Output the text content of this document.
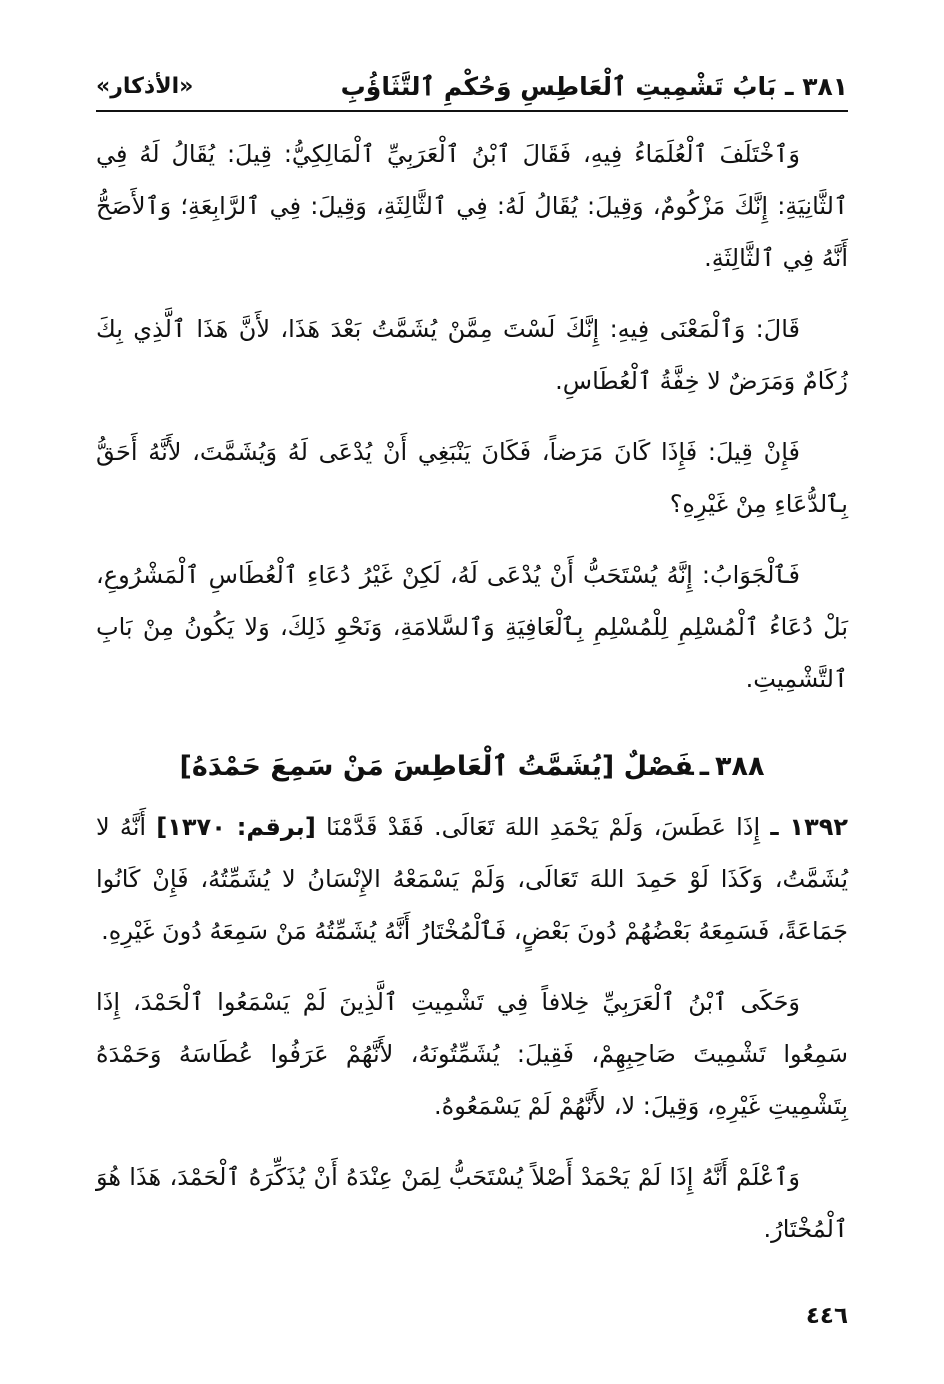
٣٨١ ـ بَابُ تَشْمِيتِ ٱلْعَاطِسِ وَحُكْمِ ٱلتَّثَاؤُبِ
«الأذكار»

وَٱخْتَلَفَ ٱلْعُلَمَاءُ فِيهِ، فَقَالَ ٱبْنُ ٱلْعَرَبِيِّ ٱلْمَالِكِيُّ: قِيلَ: يُقَالُ لَهُ فِي ٱلثَّانِيَةِ: إِنَّكَ مَزْكُومٌ، وَقِيلَ: يُقَالُ لَهُ: فِي ٱلثَّالِثَةِ، وَقِيلَ: فِي ٱلرَّابِعَةِ؛ وَٱلأَصَحُّ أَنَّهُ فِي ٱلثَّالِثَةِ.

قَالَ: وَٱلْمَعْنَى فِيهِ: إِنَّكَ لَسْتَ مِمَّنْ يُشَمَّتُ بَعْدَ هَذَا، لأَنَّ هَذَا ٱلَّذِي بِكَ زُكَامٌ وَمَرَضٌ لا خِفَّةُ ٱلْعُطَاسِ.

فَإِنْ قِيلَ: فَإِذَا كَانَ مَرَضاً، فَكَانَ يَنْبَغِي أَنْ يُدْعَى لَهُ وَيُشَمَّتَ، لأَنَّهُ أَحَقُّ بِٱلدُّعَاءِ مِنْ غَيْرِهِ؟

فَٱلْجَوَابُ: إِنَّهُ يُسْتَحَبُّ أَنْ يُدْعَى لَهُ، لَكِنْ غَيْرُ دُعَاءِ ٱلْعُطَاسِ ٱلْمَشْرُوعِ، بَلْ دُعَاءُ ٱلْمُسْلِمِ لِلْمُسْلِمِ بِٱلْعَافِيَةِ وَٱلسَّلامَةِ، وَنَحْوِ ذَلِكَ، وَلا يَكُونُ مِنْ بَابِ ٱلتَّشْمِيتِ.

٣٨٨ـفَصْلٌ [يُشَمَّتُ ٱلْعَاطِسَ مَنْ سَمِعَ حَمْدَهُ]

١٣٩٢ ـ إِذَا عَطَسَ، وَلَمْ يَحْمَدِ اللهَ تَعَالَى. فَقَدْ قَدَّمْنَا [برقم: ١٣٧٠] أَنَّهُ لا يُشَمَّتُ، وَكَذَا لَوْ حَمِدَ اللهَ تَعَالَى، وَلَمْ يَسْمَعْهُ الإِنْسَانُ لا يُشَمِّتُهُ، فَإِنْ كَانُوا جَمَاعَةً، فَسَمِعَهُ بَعْضُهُمْ دُونَ بَعْضٍ، فَٱلْمُخْتَارُ أَنَّهُ يُشَمِّتُهُ مَنْ سَمِعَهُ دُونَ غَيْرِهِ.

وَحَكَى ٱبْنُ ٱلْعَرَبِيِّ خِلافاً فِي تَشْمِيتِ ٱلَّذِينَ لَمْ يَسْمَعُوا ٱلْحَمْدَ، إِذَا سَمِعُوا تَشْمِيتَ صَاحِبِهِمْ، فَقِيلَ: يُشَمِّتُونَهُ، لأَنَّهُمْ عَرَفُوا عُطَاسَهُ وَحَمْدَهُ بِتَشْمِيتِ غَيْرِهِ، وَقِيلَ: لا، لأَنَّهُمْ لَمْ يَسْمَعُوهُ.

وَٱعْلَمْ أَنَّهُ إِذَا لَمْ يَحْمَدْ أَصْلاً يُسْتَحَبُّ لِمَنْ عِنْدَهُ أَنْ يُذَكِّرَهُ ٱلْحَمْدَ، هَذَا هُوَ ٱلْمُخْتَارُ.

٤٤٦
